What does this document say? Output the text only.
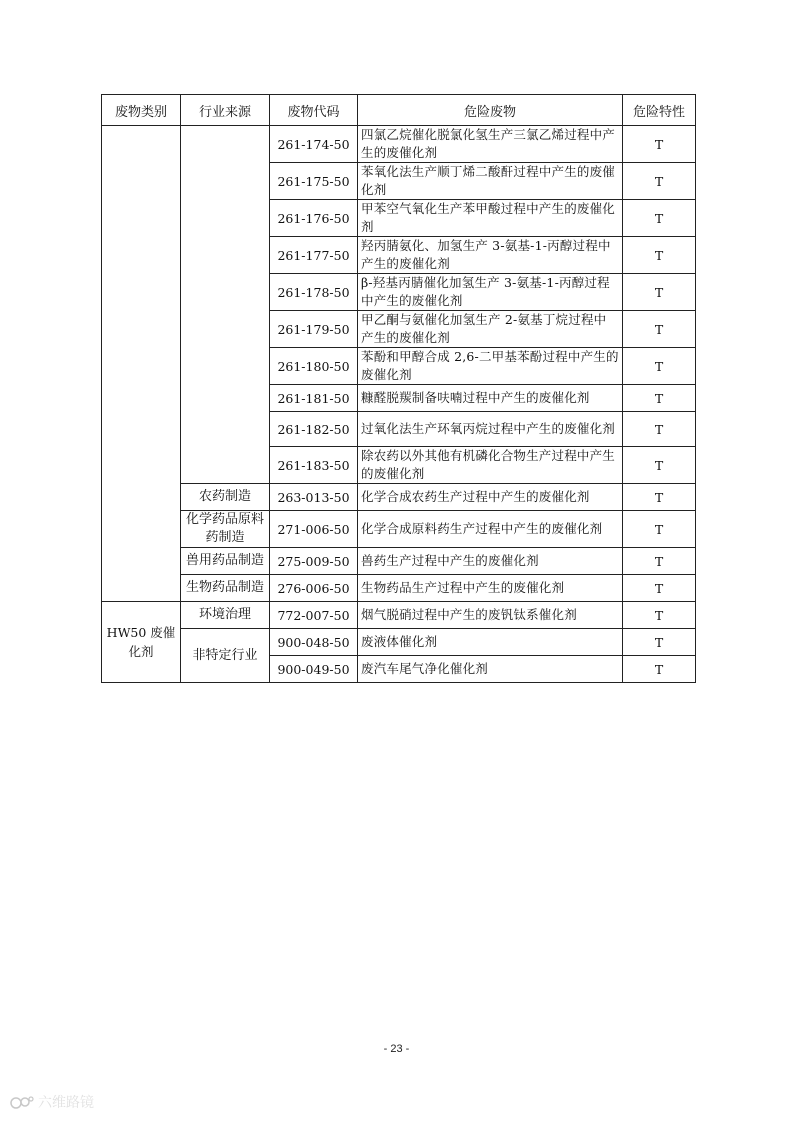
废物类别	行业来源	废物代码	危险废物	危险特性
		261-174-50	四氯乙烷催化脱氯化氢生产三氯乙烯过程中产生的废催化剂	T
		261-175-50	苯氧化法生产顺丁烯二酸酐过程中产生的废催化剂	T
		261-176-50	甲苯空气氧化生产苯甲酸过程中产生的废催化剂	T
		261-177-50	羟丙腈氨化、加氢生产 3-氨基-1-丙醇过程中产生的废催化剂	T
		261-178-50	β-羟基丙腈催化加氢生产 3-氨基-1-丙醇过程中产生的废催化剂	T
		261-179-50	甲乙酮与氨催化加氢生产 2-氨基丁烷过程中产生的废催化剂	T
		261-180-50	苯酚和甲醇合成 2,6-二甲基苯酚过程中产生的废催化剂	T
		261-181-50	糠醛脱羰制备呋喃过程中产生的废催化剂	T
		261-182-50	过氧化法生产环氧丙烷过程中产生的废催化剂	T
		261-183-50	除农药以外其他有机磷化合物生产过程中产生的废催化剂	T
	农药制造	263-013-50	化学合成农药生产过程中产生的废催化剂	T
	化学药品原料药制造	271-006-50	化学合成原料药生产过程中产生的废催化剂	T
	兽用药品制造	275-009-50	兽药生产过程中产生的废催化剂	T
	生物药品制造	276-006-50	生物药品生产过程中产生的废催化剂	T
HW50 废催化剂	环境治理	772-007-50	烟气脱硝过程中产生的废钒钛系催化剂	T
	非特定行业	900-048-50	废液体催化剂	T
		900-049-50	废汽车尾气净化催化剂	T
- 23 -
六维路镜
